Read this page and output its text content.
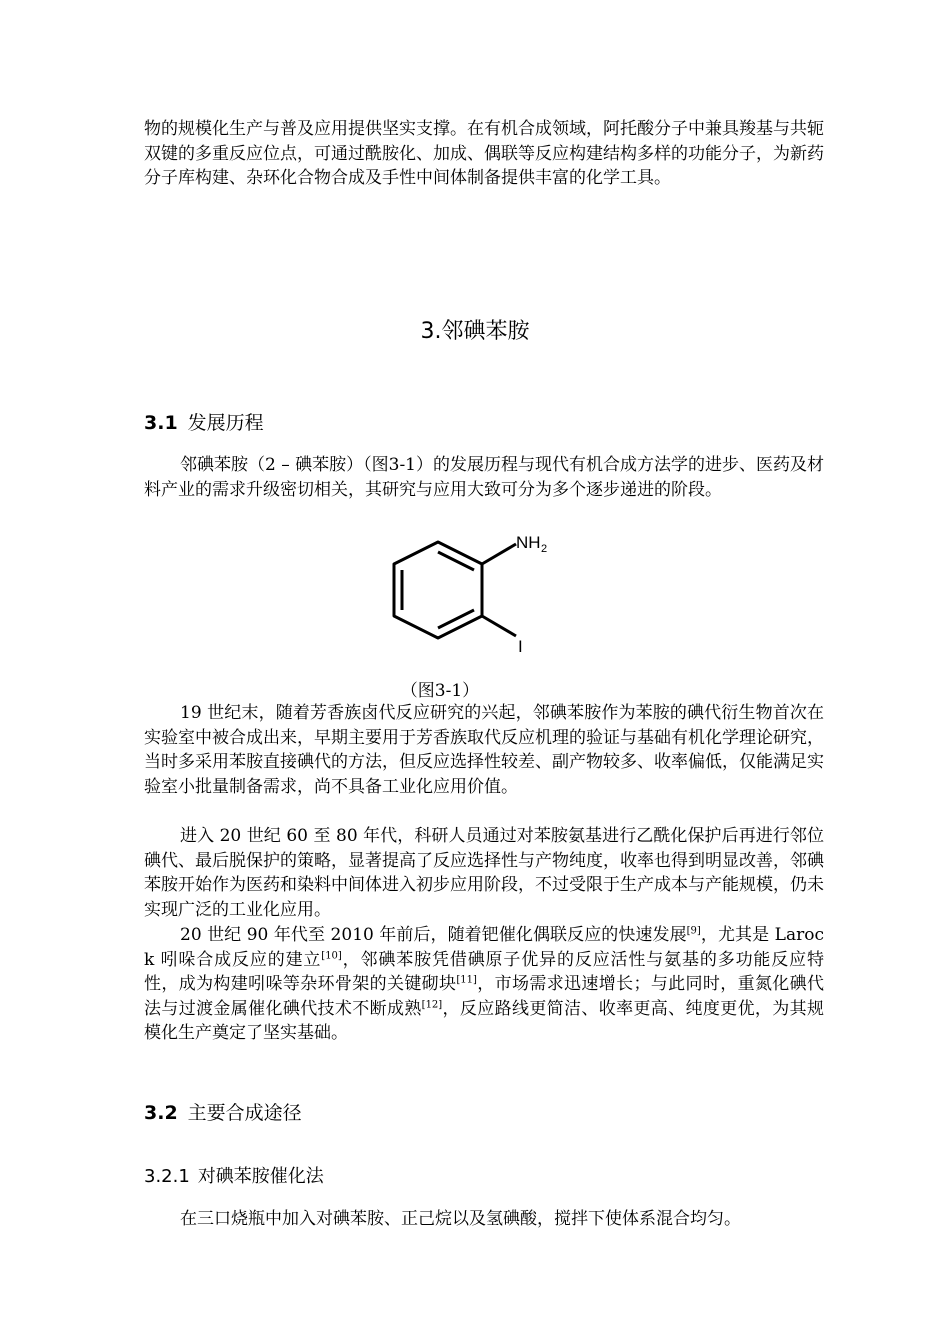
物的规模化生产与普及应用提供坚实支撑。在有机合成领域，阿托酸分子中兼具羧基与共轭双键的多重反应位点，可通过酰胺化、加成、偶联等反应构建结构多样的功能分子，为新药分子库构建、杂环化合物合成及手性中间体制备提供丰富的化学工具。

3.邻碘苯胺
3.1 发展历程

邻碘苯胺（2 – 碘苯胺）（图3-1）的发展历程与现代有机合成方法学的进步、医药及材料产业的需求升级密切相关，其研究与应用大致可分为多个逐步递进的阶段。

NH 2
I

（图3-1）

19 世纪末，随着芳香族卤代反应研究的兴起，邻碘苯胺作为苯胺的碘代衍生物首次在实验室中被合成出来，早期主要用于芳香族取代反应机理的验证与基础有机化学理论研究，当时多采用苯胺直接碘代的方法，但反应选择性较差、副产物较多、收率偏低，仅能满足实验室小批量制备需求，尚不具备工业化应用价值。

进入 20 世纪 60 至 80 年代，科研人员通过对苯胺氨基进行乙酰化保护后再进行邻位碘代、最后脱保护的策略，显著提高了反应选择性与产物纯度，收率也得到明显改善，邻碘苯胺开始作为医药和染料中间体进入初步应用阶段，不过受限于生产成本与产能规模，仍未实现广泛的工业化应用。

20 世纪 90 年代至 2010 年前后，随着钯催化偶联反应的快速发展[9]，尤其是 Larock 吲哚合成反应的建立[10]，邻碘苯胺凭借碘原子优异的反应活性与氨基的多功能反应特性，成为构建吲哚等杂环骨架的关键砌块[11]，市场需求迅速增长；与此同时，重氮化碘代法与过渡金属催化碘代技术不断成熟[12]，反应路线更简洁、收率更高、纯度更优，为其规模化生产奠定了坚实基础。

3.2 主要合成途径
3.2.1 对碘苯胺催化法

在三口烧瓶中加入对碘苯胺、正己烷以及氢碘酸，搅拌下使体系混合均匀。
